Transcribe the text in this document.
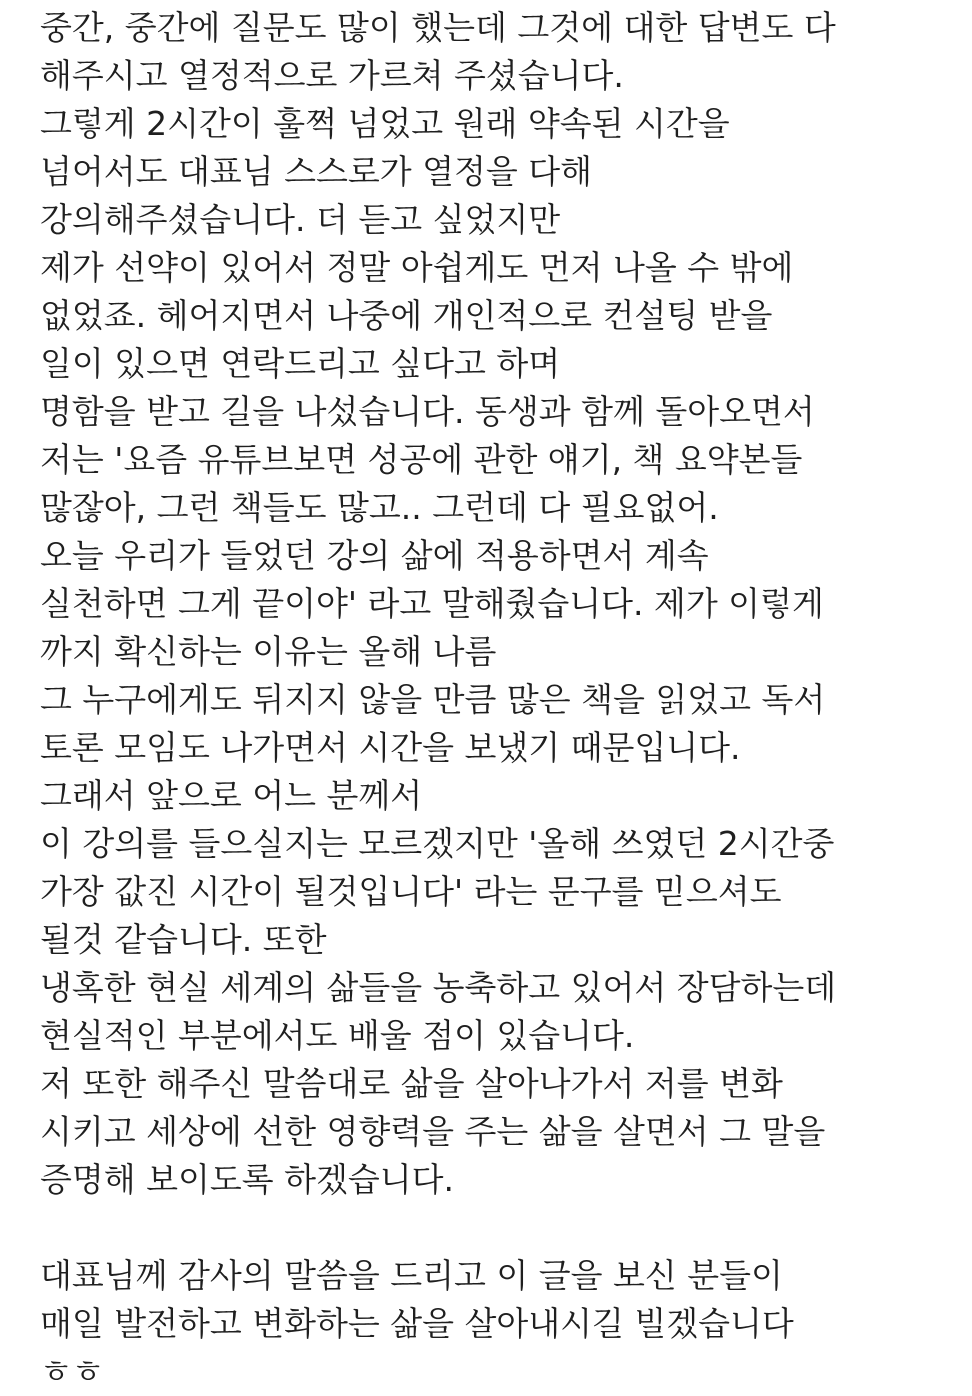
중간, 중간에 질문도 많이 했는데 그것에 대한 답변도 다
해주시고 열정적으로 가르쳐 주셨습니다.
그렇게 2시간이 훌쩍 넘었고 원래 약속된 시간을
넘어서도 대표님 스스로가 열정을 다해
강의해주셨습니다. 더 듣고 싶었지만
제가 선약이 있어서 정말 아쉽게도 먼저 나올 수 밖에
없었죠. 헤어지면서 나중에 개인적으로 컨설팅 받을
일이 있으면 연락드리고 싶다고 하며
명함을 받고 길을 나섰습니다. 동생과 함께 돌아오면서
저는 '요즘 유튜브보면 성공에 관한 얘기, 책 요약본들
많잖아, 그런 책들도 많고.. 그런데 다 필요없어.
오늘 우리가 들었던 강의 삶에 적용하면서 계속
실천하면 그게 끝이야' 라고 말해줬습니다. 제가 이렇게
까지 확신하는 이유는 올해 나름
그 누구에게도 뒤지지 않을 만큼 많은 책을 읽었고 독서
토론 모임도 나가면서 시간을 보냈기 때문입니다.
그래서 앞으로 어느 분께서
이 강의를 들으실지는 모르겠지만 '올해 쓰였던 2시간중
가장 값진 시간이 될것입니다' 라는 문구를 믿으셔도
될것 같습니다. 또한
냉혹한 현실 세계의 삶들을 농축하고 있어서 장담하는데
현실적인 부분에서도 배울 점이 있습니다.
저 또한 해주신 말씀대로 삶을 살아나가서 저를 변화
시키고 세상에 선한 영향력을 주는 삶을 살면서 그 말을
증명해 보이도록 하겠습니다.
대표님께 감사의 말씀을 드리고 이 글을 보신 분들이
매일 발전하고 변화하는 삶을 살아내시길 빌겠습니다
ㅎㅎ
